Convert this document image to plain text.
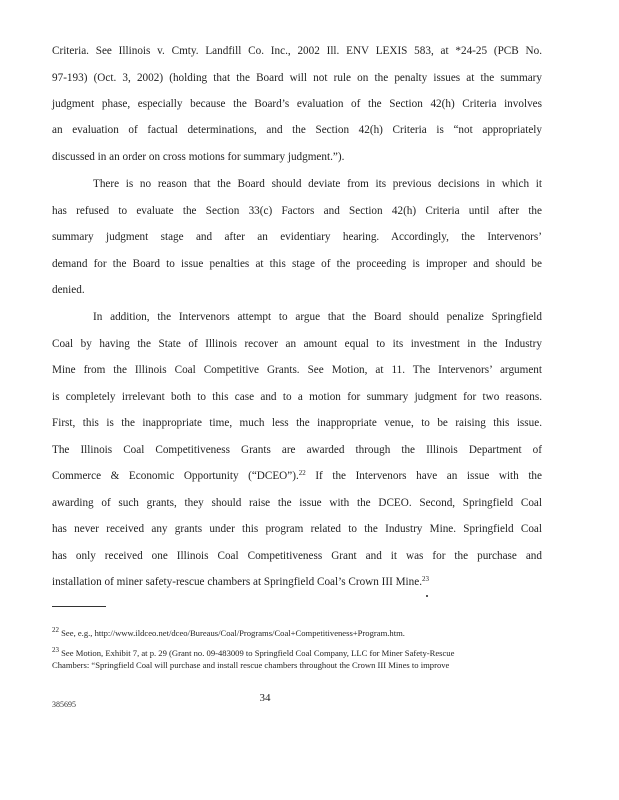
Criteria. See Illinois v. Cmty. Landfill Co. Inc., 2002 Ill. ENV LEXIS 583, at *24-25 (PCB No.
97-193) (Oct. 3, 2002) (holding that the Board will not rule on the penalty issues at the summary
judgment phase, especially because the Board’s evaluation of the Section 42(h) Criteria involves
an evaluation of factual determinations, and the Section 42(h) Criteria is “not appropriately
discussed in an order on cross motions for summary judgment.”).
There is no reason that the Board should deviate from its previous decisions in which it
has refused to evaluate the Section 33(c) Factors and Section 42(h) Criteria until after the
summary judgment stage and after an evidentiary hearing. Accordingly, the Intervenors’
demand for the Board to issue penalties at this stage of the proceeding is improper and should be
denied.
In addition, the Intervenors attempt to argue that the Board should penalize Springfield
Coal by having the State of Illinois recover an amount equal to its investment in the Industry
Mine from the Illinois Coal Competitive Grants. See Motion, at 11. The Intervenors’ argument
is completely irrelevant both to this case and to a motion for summary judgment for two reasons.
First, this is the inappropriate time, much less the inappropriate venue, to be raising this issue.
The Illinois Coal Competitiveness Grants are awarded through the Illinois Department of
Commerce & Economic Opportunity (“DCEO”).$^{22}$ If the Intervenors have an issue with the
awarding of such grants, they should raise the issue with the DCEO. Second, Springfield Coal
has never received any grants under this program related to the Industry Mine. Springfield Coal
has only received one Illinois Coal Competitiveness Grant and it was for the purchase and
installation of miner safety-rescue chambers at Springfield Coal’s Crown III Mine.$^{23}$
$^{22}$ See, e.g., http://www.ildceo.net/dceo/Bureaus/Coal/Programs/Coal+Competitiveness+Program.htm.
$^{23}$ See Motion, Exhibit 7, at p. 29 (Grant no. 09-483009 to Springfield Coal Company, LLC for Miner Safety-Rescue
Chambers: “Springfield Coal will purchase and install rescue chambers throughout the Crown III Mines to improve
34
385695
